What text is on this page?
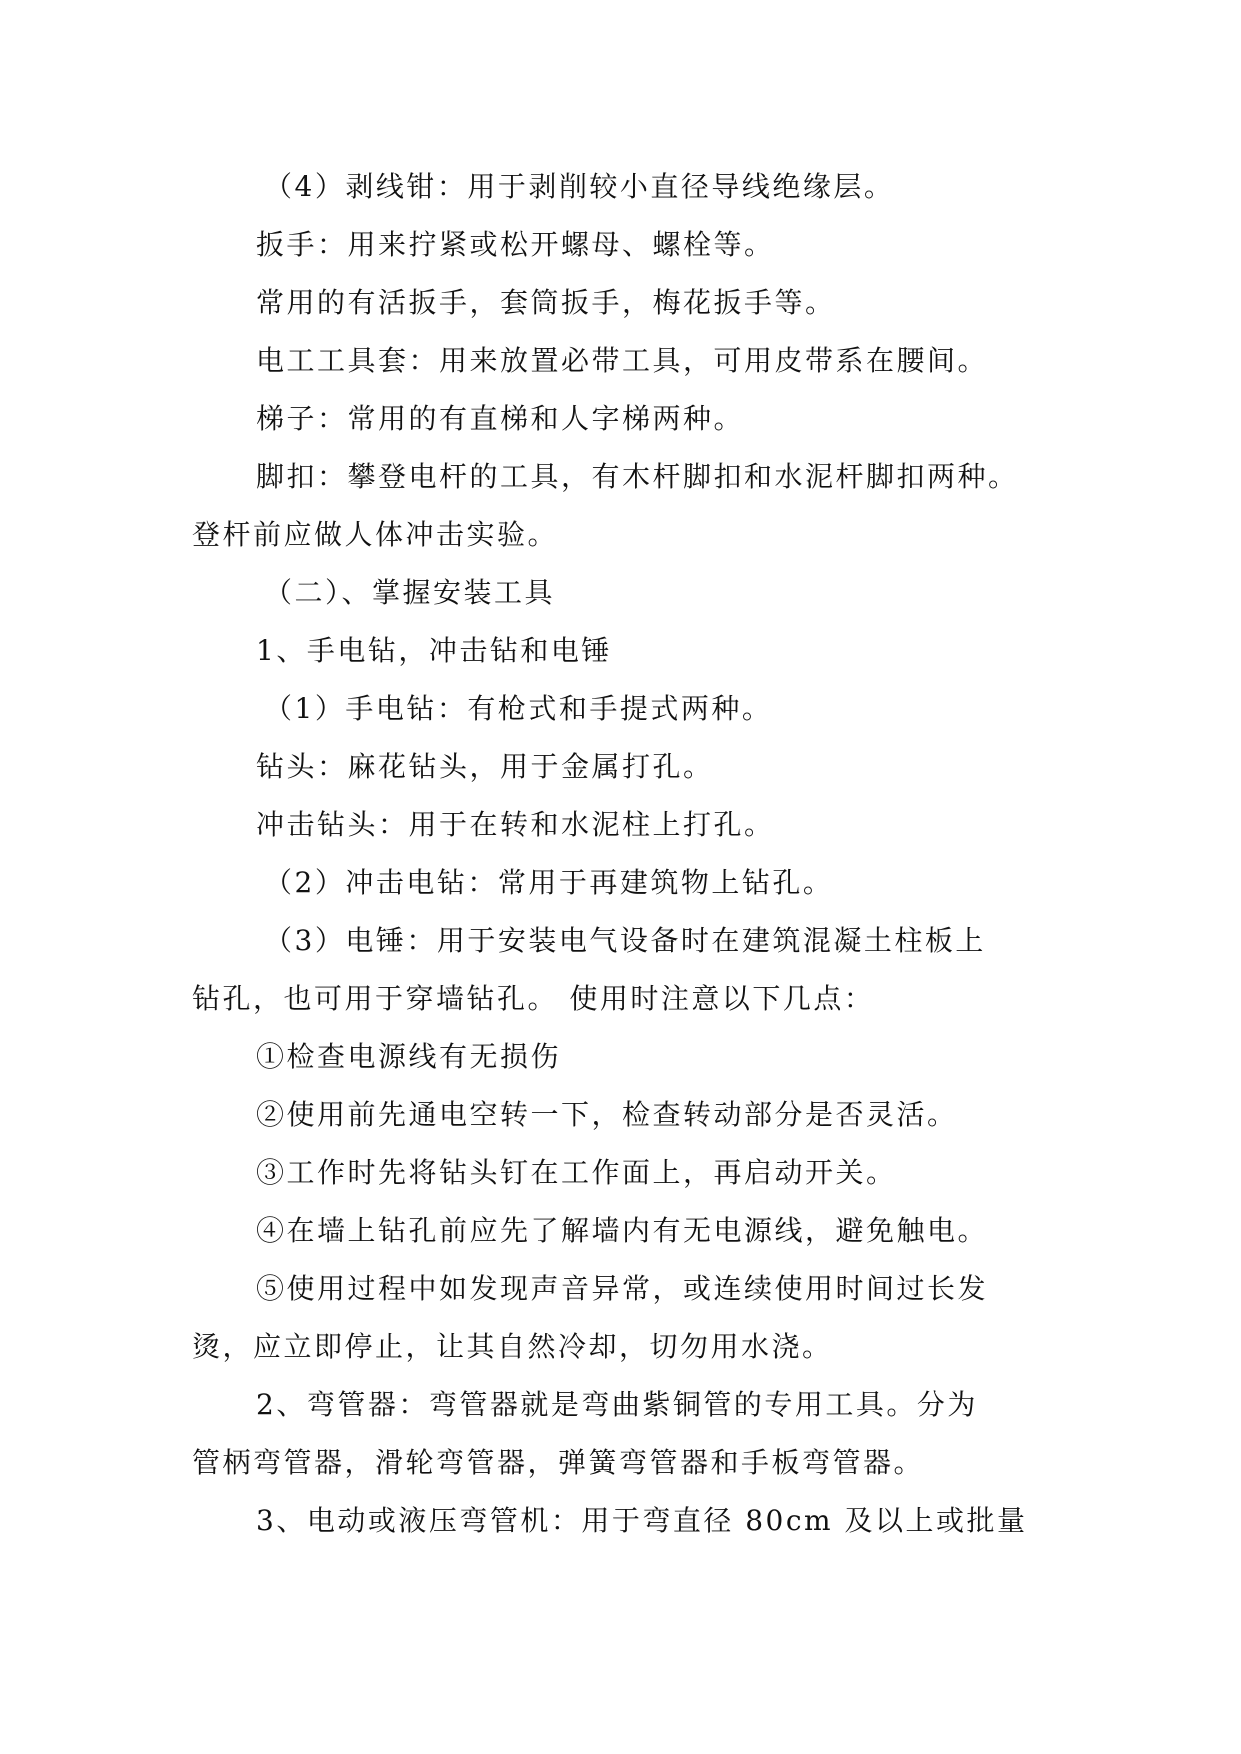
（4）剥线钳：用于剥削较小直径导线绝缘层。
扳手：用来拧紧或松开螺母、螺栓等。
常用的有活扳手，套筒扳手，梅花扳手等。
电工工具套：用来放置必带工具，可用皮带系在腰间。
梯子：常用的有直梯和人字梯两种。
脚扣：攀登电杆的工具，有木杆脚扣和水泥杆脚扣两种。
登杆前应做人体冲击实验。
（二）、掌握安装工具
1、手电钻，冲击钻和电锤
（1）手电钻：有枪式和手提式两种。
钻头：麻花钻头，用于金属打孔。
冲击钻头：用于在转和水泥柱上打孔。
（2）冲击电钻：常用于再建筑物上钻孔。
（3）电锤：用于安装电气设备时在建筑混凝土柱板上
钻孔，也可用于穿墙钻孔。 使用时注意以下几点：
①检查电源线有无损伤
②使用前先通电空转一下，检查转动部分是否灵活。
③工作时先将钻头钉在工作面上，再启动开关。
④在墙上钻孔前应先了解墙内有无电源线，避免触电。
⑤使用过程中如发现声音异常，或连续使用时间过长发
烫，应立即停止，让其自然冷却，切勿用水浇。
2、弯管器：弯管器就是弯曲紫铜管的专用工具。分为
管柄弯管器，滑轮弯管器，弹簧弯管器和手板弯管器。
3、电动或液压弯管机：用于弯直径 80cm 及以上或批量
